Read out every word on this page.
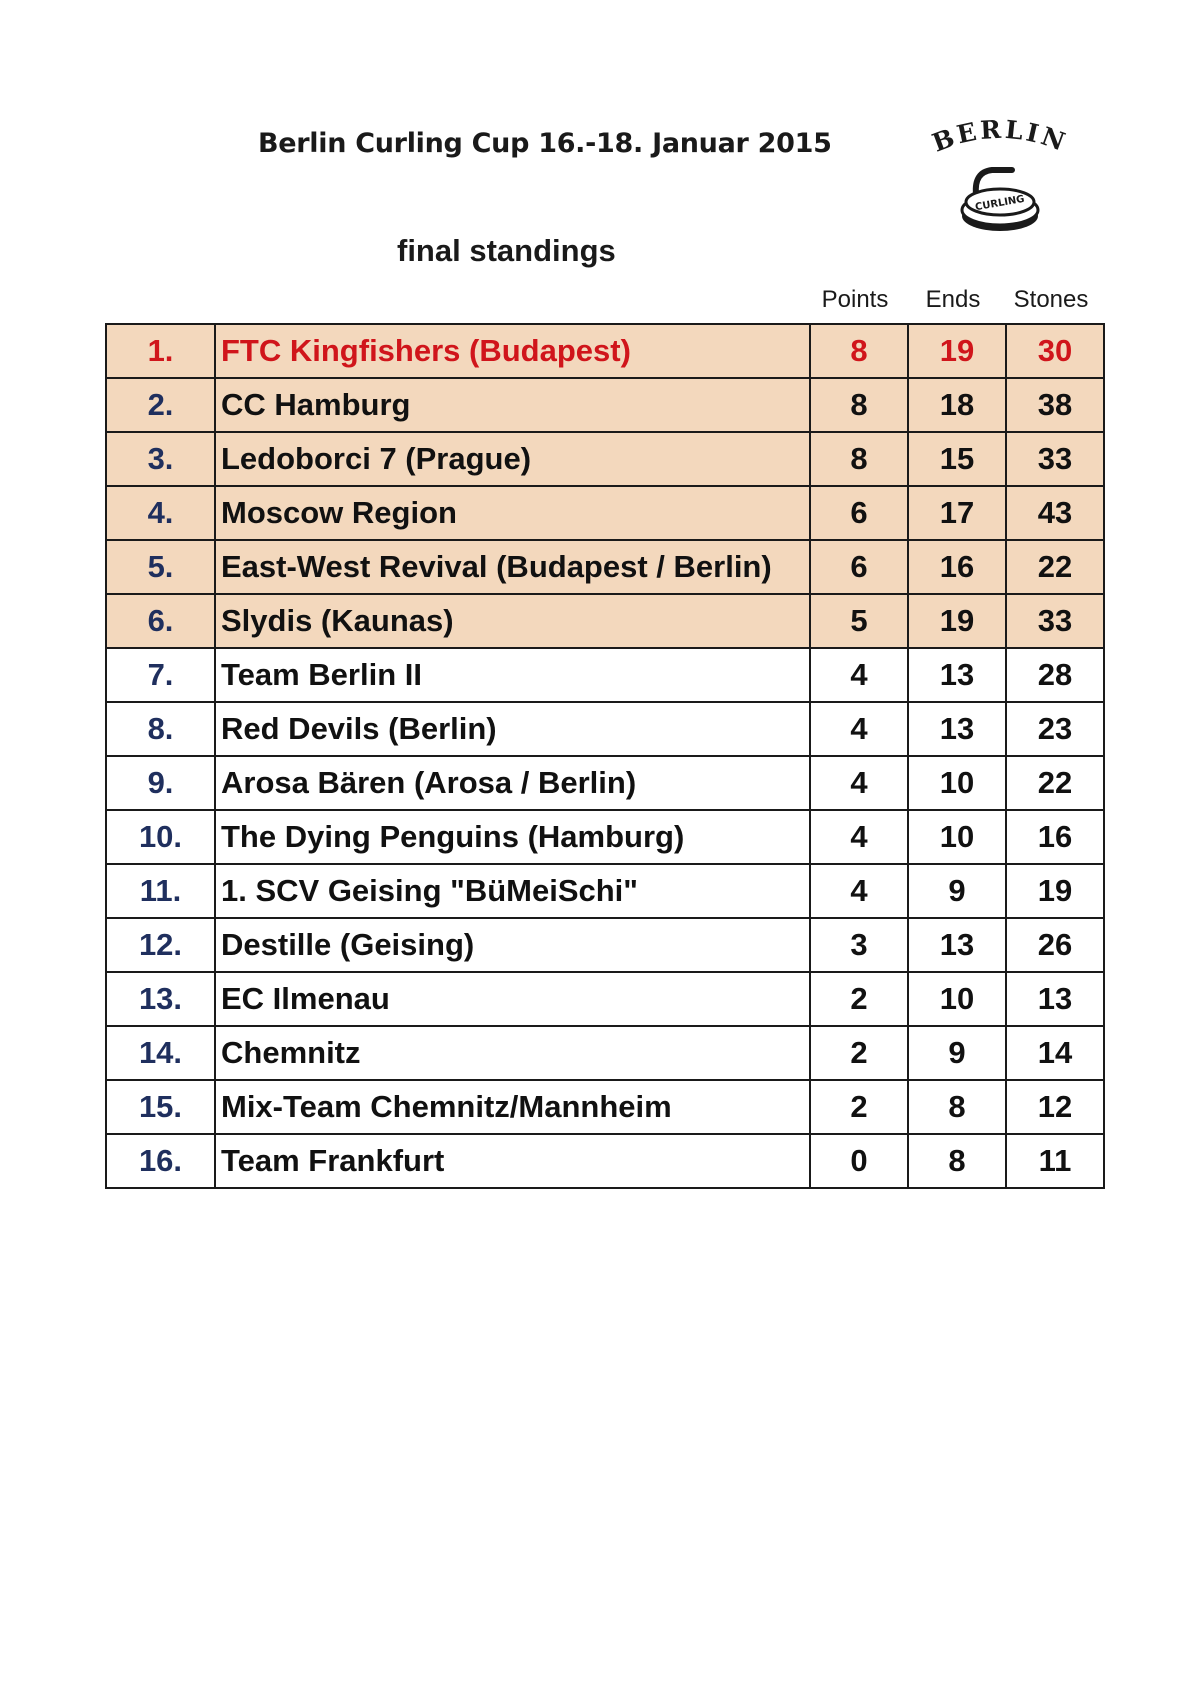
Berlin Curling Cup 16.-18. Januar 2015	BERLIN
CURLING
final standings
Points	Ends	Stones
1.	FTC Kingfishers (Budapest)	8	19	30
2.	CC Hamburg	8	18	38
3.	Ledoborci 7 (Prague)	8	15	33
4.	Moscow Region	6	17	43
5.	East-West Revival (Budapest / Berlin)	6	16	22
6.	Slydis (Kaunas)	5	19	33
7.	Team Berlin II	4	13	28
8.	Red Devils (Berlin)	4	13	23
9.	Arosa Bären (Arosa / Berlin)	4	10	22
10.	The Dying Penguins (Hamburg)	4	10	16
11.	1. SCV Geising "BüMeiSchi"	4	9	19
12.	Destille (Geising)	3	13	26
13.	EC Ilmenau	2	10	13
14.	Chemnitz	2	9	14
15.	Mix-Team Chemnitz/Mannheim	2	8	12
16.	Team Frankfurt	0	8	11
